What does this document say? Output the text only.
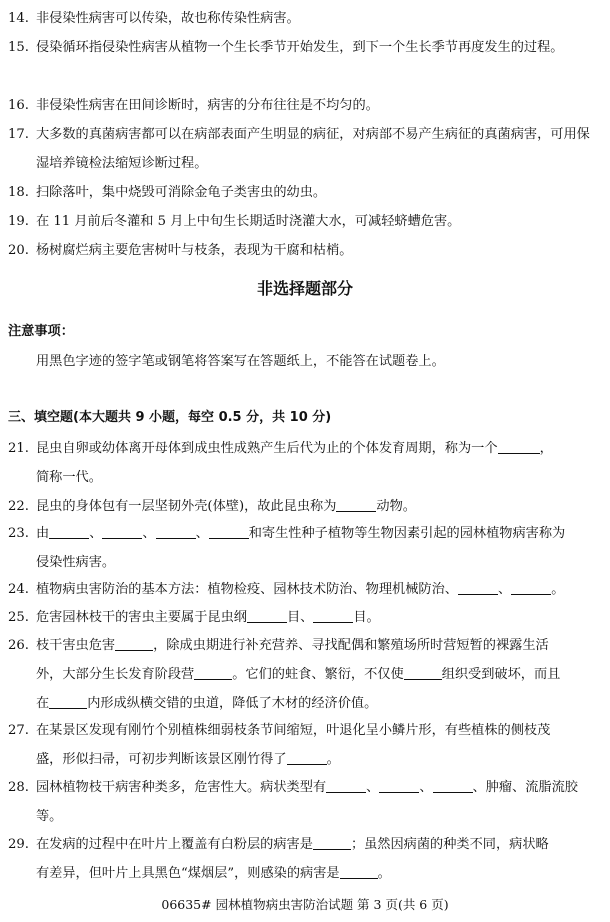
14. 非侵染性病害可以传染，故也称传染性病害。
15. 侵染循环指侵染性病害从植物一个生长季节开始发生，到下一个生长季节再度发生的过程。
16. 非侵染性病害在田间诊断时，病害的分布往往是不均匀的。
17. 大多数的真菌病害都可以在病部表面产生明显的病征，对病部不易产生病征的真菌病害，可用保湿培养镜检法缩短诊断过程。
18. 扫除落叶，集中烧毁可消除金龟子类害虫的幼虫。
19. 在 11 月前后冬灌和 5 月上中旬生长期适时浇灌大水，可减轻蛴螬危害。
20. 杨树腐烂病主要危害树叶与枝条，表现为干腐和枯梢。
非选择题部分
注意事项：
用黑色字迹的签字笔或钢笔将答案写在答题纸上，不能答在试题卷上。
三、填空题(本大题共 9 小题，每空 0.5 分，共 10 分)
21. 昆虫自卵或幼体离开母体到成虫性成熟产生后代为止的个体发育周期，称为一个	，
简称一代。
22. 昆虫的身体包有一层坚韧外壳(体壁)，故此昆虫称为	动物。
23. 由	、	、	、	和寄生性种子植物等生物因素引起的园林植物病害称为
侵染性病害。
24. 植物病虫害防治的基本方法：植物检疫、园林技术防治、物理机械防治、	、	。
25. 危害园林枝干的害虫主要属于昆虫纲	目、	目。
26. 枝干害虫危害	，除成虫期进行补充营养、寻找配偶和繁殖场所时营短暂的裸露生活
外，大部分生长发育阶段营	。它们的蛀食、繁衍，不仅使	组织受到破坏，而且
在	内形成纵横交错的虫道，降低了木材的经济价值。
27. 在某景区发现有刚竹个别植株细弱枝条节间缩短，叶退化呈小鳞片形，有些植株的侧枝茂
盛，形似扫帚，可初步判断该景区刚竹得了	。
28. 园林植物枝干病害种类多，危害性大。病状类型有	、	、	、肿瘤、流脂流胶
等。
29. 在发病的过程中在叶片上覆盖有白粉层的病害是	；虽然因病菌的种类不同，病状略
有差异，但叶片上具黑色“煤烟层”，则感染的病害是	。
06635# 园林植物病虫害防治试题 第 3 页(共 6 页)
